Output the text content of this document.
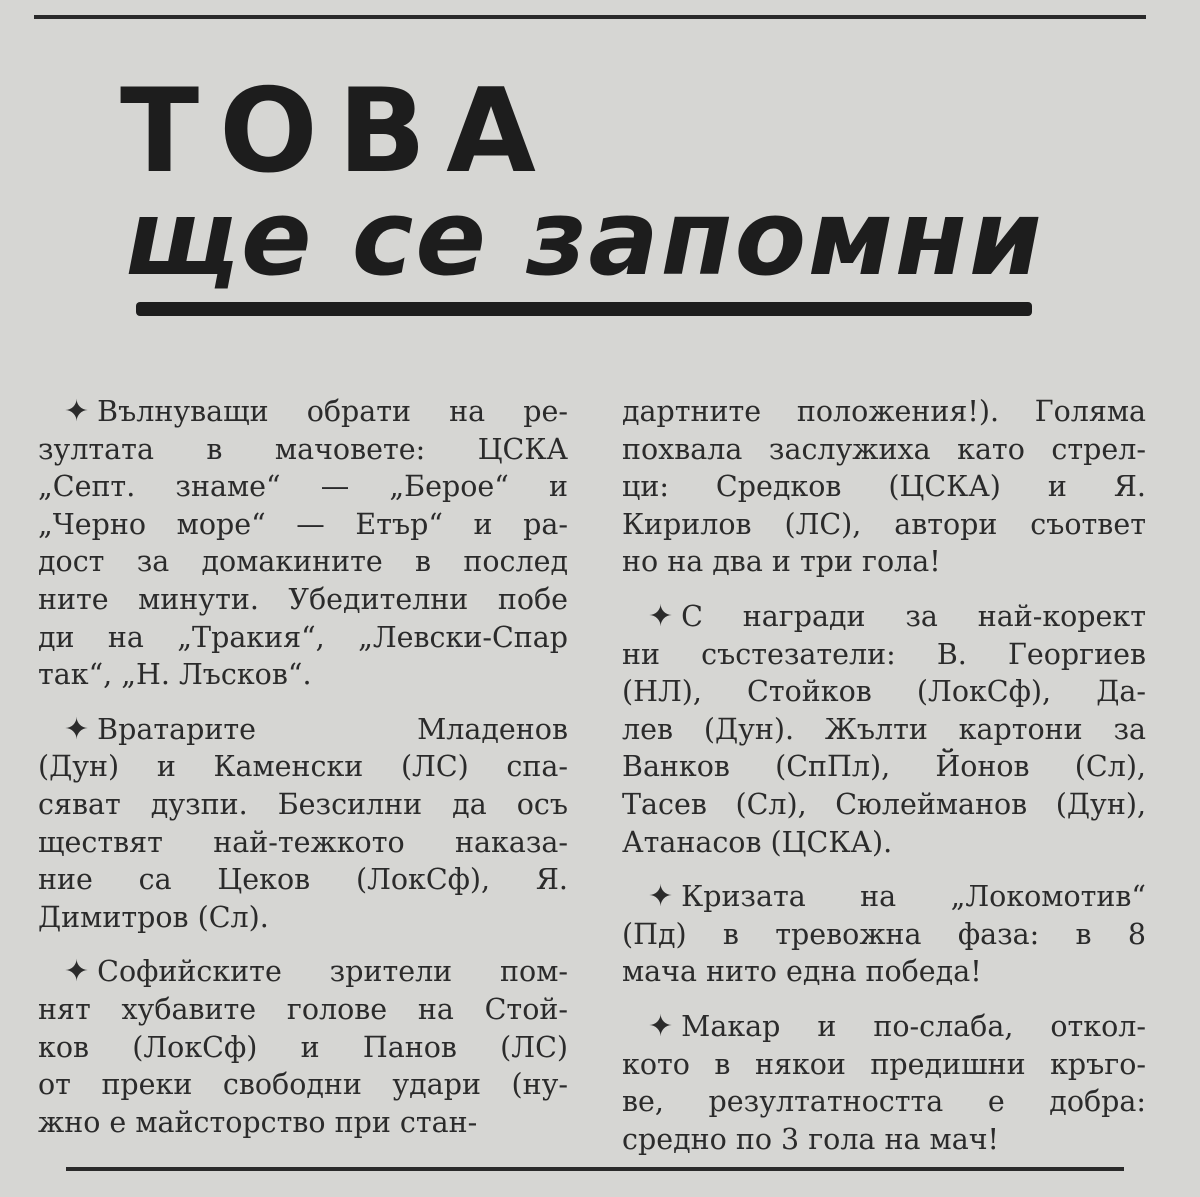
ТОВА
ще се запомни
✦ Вълнуващи обрати на ре-
зултата в мачовете: ЦСКА
„Септ. знаме“ — „Берое“ и
„Черно море“ — Етър“ и ра-
дост за домакините в послед
ните минути. Убедителни побе
ди на „Тракия“, „Левски-Спар
так“, „Н. Лъсков“.
✦ Вратарите Младенов
(Дун) и Каменски (ЛС) спа-
сяват дузпи. Безсилни да осъ
ществят най-тежкото наказа-
ние са Цеков (ЛокСф), Я.
Димитров (Сл).
✦ Софийските зрители пом-
нят хубавите голове на Стой-
ков (ЛокСф) и Панов (ЛС)
от преки свободни удари (ну-
жно е майсторство при стан-
дартните положения!). Голяма
похвала заслужиха като стрел-
ци: Средков (ЦСКА) и Я.
Кирилов (ЛС), автори съответ
но на два и три гола!
✦ С награди за най-корект
ни състезатели: В. Георгиев
(НЛ), Стойков (ЛокСф), Да-
лев (Дун). Жълти картони за
Ванков (СпПл), Йонов (Сл),
Тасев (Сл), Сюлейманов (Дун),
Атанасов (ЦСКА).
✦ Кризата на „Локомотив“
(Пд) в тревожна фаза: в 8
мача нито една победа!
✦ Макар и по-слаба, откол-
кото в някои предишни кръго-
ве, резултатността е добра:
средно по 3 гола на мач!
